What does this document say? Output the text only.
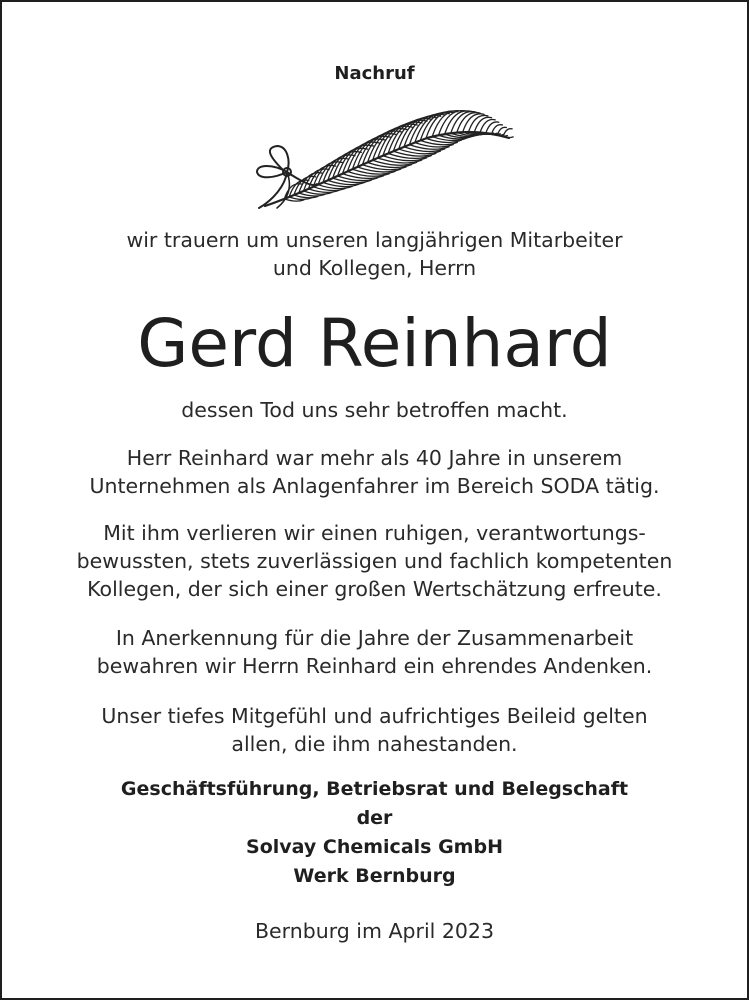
Nachruf

wir trauern um unseren langjährigen Mitarbeiter
und Kollegen, Herrn

Gerd Reinhard

dessen Tod uns sehr betroffen macht.

Herr Reinhard war mehr als 40 Jahre in unserem
Unternehmen als Anlagenfahrer im Bereich SODA tätig.

Mit ihm verlieren wir einen ruhigen, verantwortungs-
bewussten, stets zuverlässigen und fachlich kompetenten
Kollegen, der sich einer großen Wertschätzung erfreute.

In Anerkennung für die Jahre der Zusammenarbeit
bewahren wir Herrn Reinhard ein ehrendes Andenken.

Unser tiefes Mitgefühl und aufrichtiges Beileid gelten
allen, die ihm nahestanden.

Geschäftsführung, Betriebsrat und Belegschaft
der
Solvay Chemicals GmbH
Werk Bernburg
Bernburg im April 2023
